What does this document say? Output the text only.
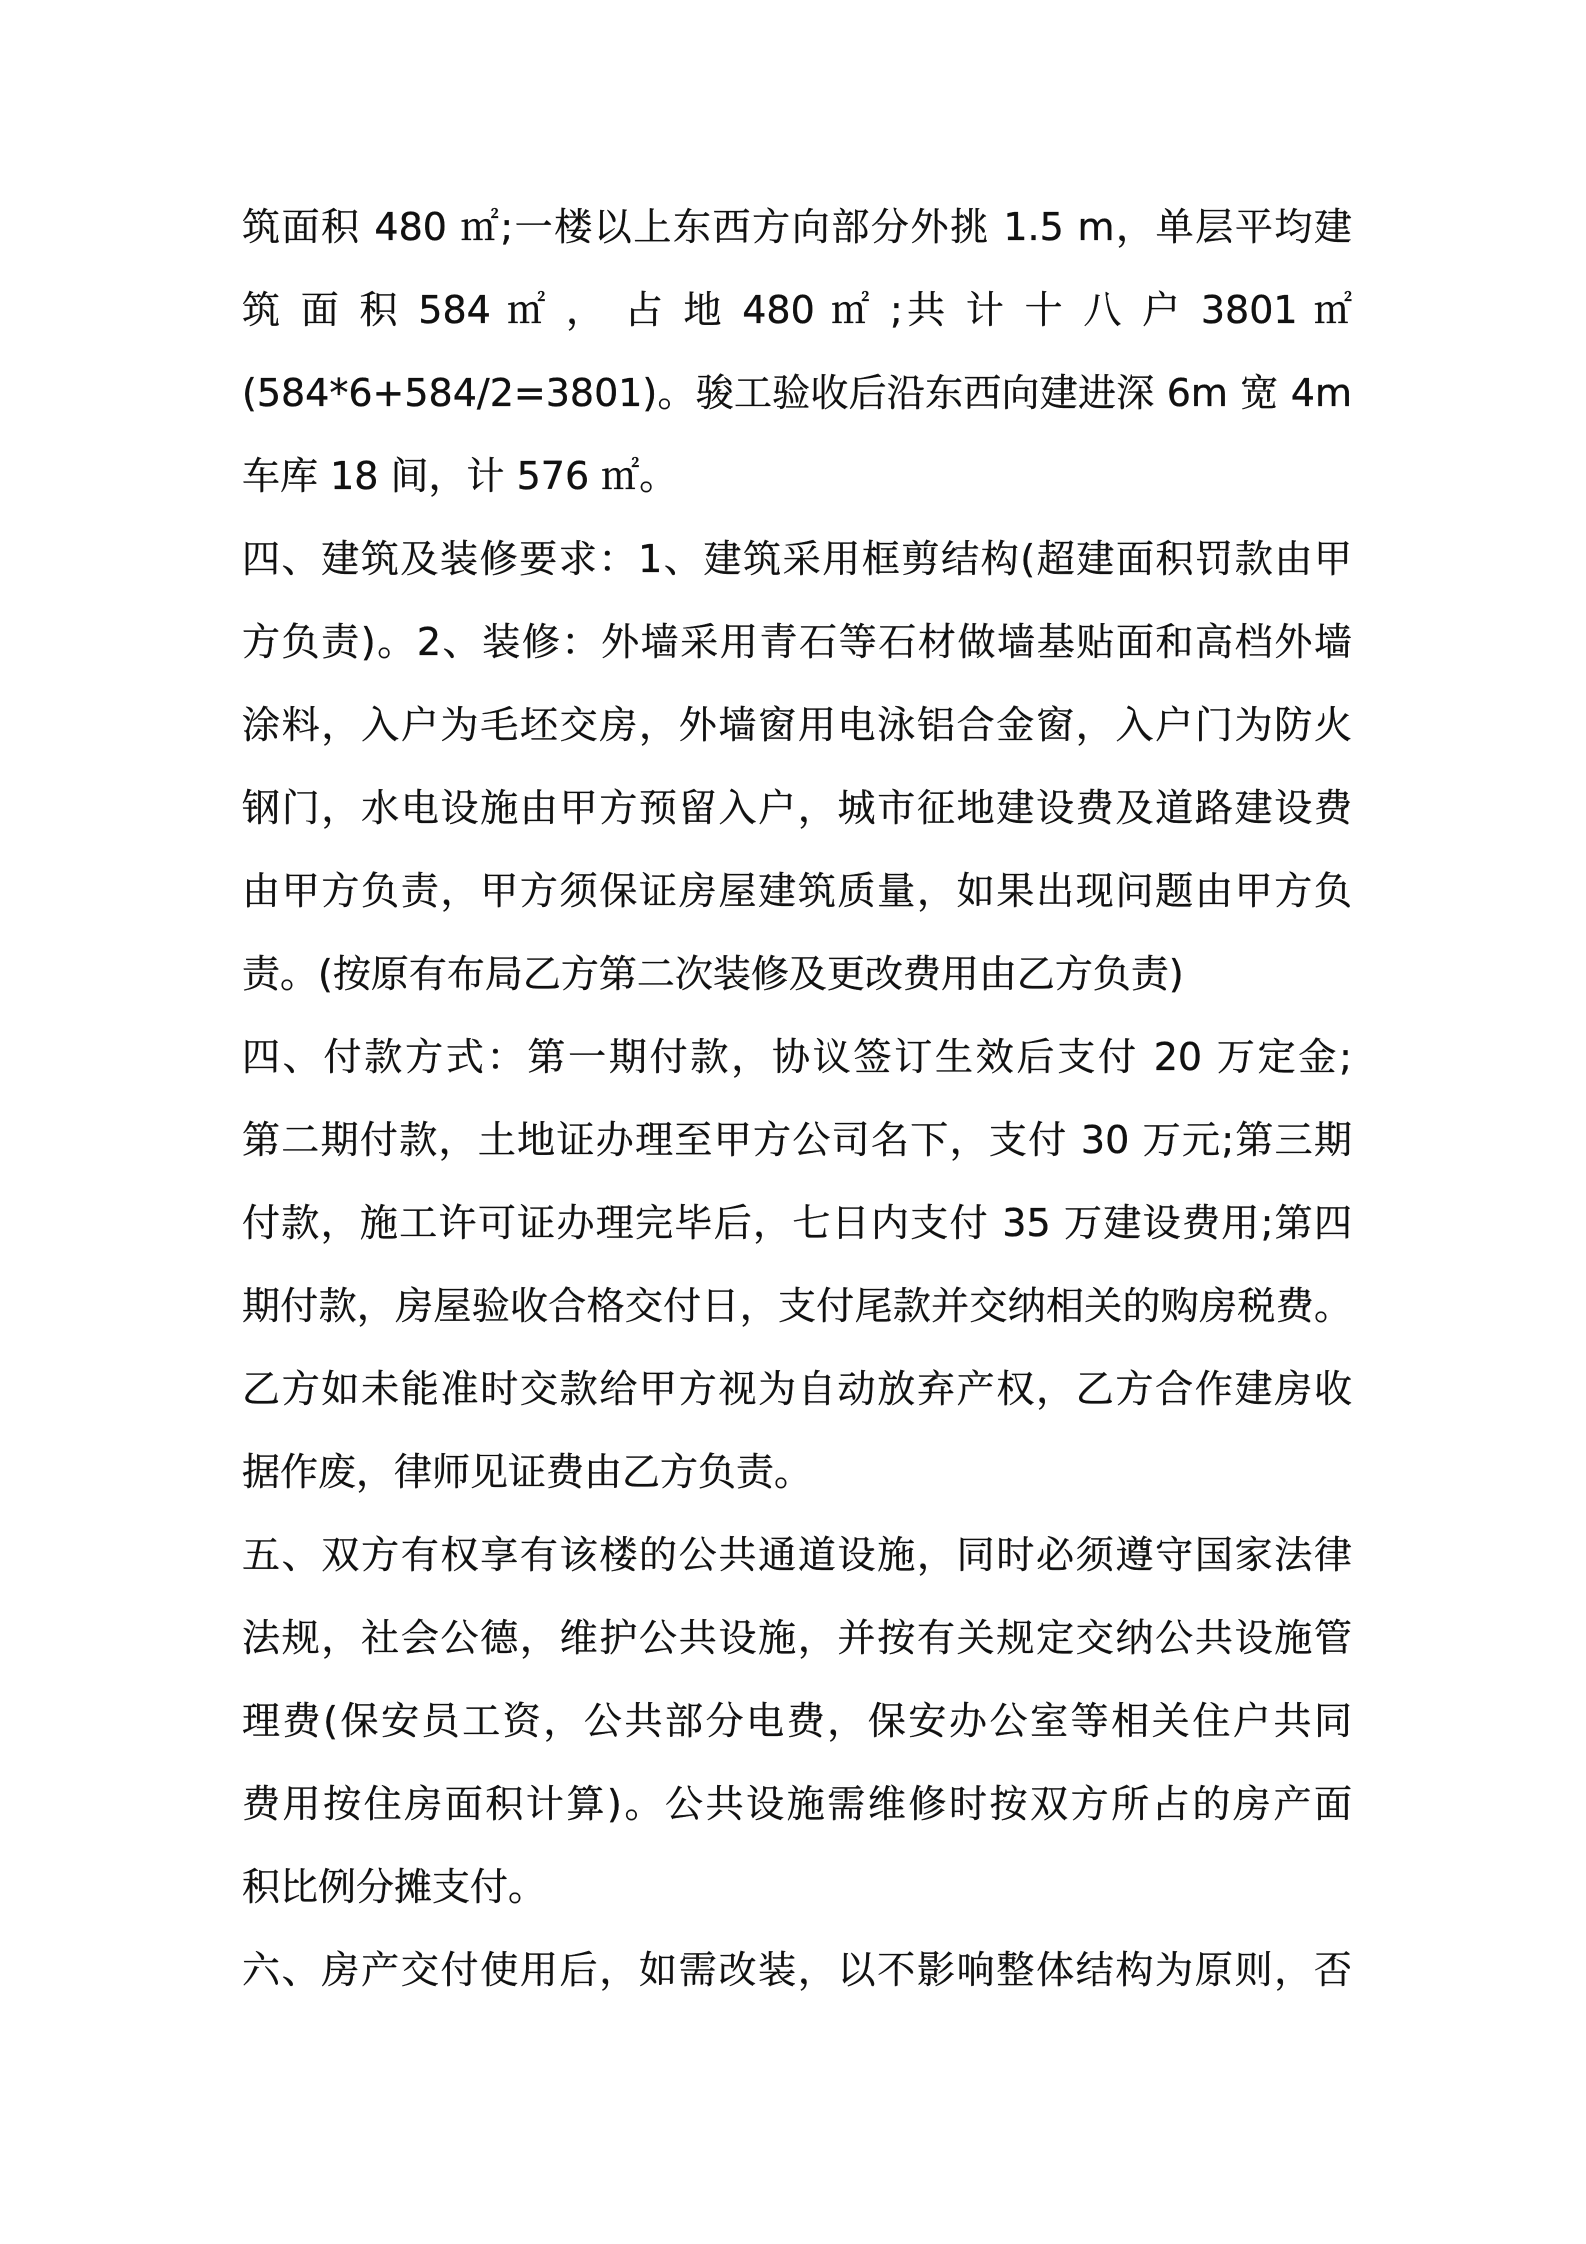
筑面积 480 ㎡;一楼以上东西方向部分外挑 1.5 m，单层平均建
筑 面 积 584 ㎡ ， 占 地 480 ㎡ ;共 计 十 八 户 3801 ㎡
(584*6+584/2=3801)。骏工验收后沿东西向建进深 6m 宽 4m
车库 18 间，计 576 ㎡。
四、建筑及装修要求：1、建筑采用框剪结构(超建面积罚款由甲
方负责)。2、装修：外墙采用青石等石材做墙基贴面和高档外墙
涂料，入户为毛坯交房，外墙窗用电泳铝合金窗，入户门为防火
钢门，水电设施由甲方预留入户，城市征地建设费及道路建设费
由甲方负责，甲方须保证房屋建筑质量，如果出现问题由甲方负
责。(按原有布局乙方第二次装修及更改费用由乙方负责)
四、付款方式：第一期付款，协议签订生效后支付 20 万定金;
第二期付款，土地证办理至甲方公司名下，支付 30 万元;第三期
付款，施工许可证办理完毕后，七日内支付 35 万建设费用;第四
期付款，房屋验收合格交付日，支付尾款并交纳相关的购房税费。
乙方如未能准时交款给甲方视为自动放弃产权，乙方合作建房收
据作废，律师见证费由乙方负责。
五、双方有权享有该楼的公共通道设施，同时必须遵守国家法律
法规，社会公德，维护公共设施，并按有关规定交纳公共设施管
理费(保安员工资，公共部分电费，保安办公室等相关住户共同
费用按住房面积计算)。公共设施需维修时按双方所占的房产面
积比例分摊支付。
六、房产交付使用后，如需改装，以不影响整体结构为原则，否
